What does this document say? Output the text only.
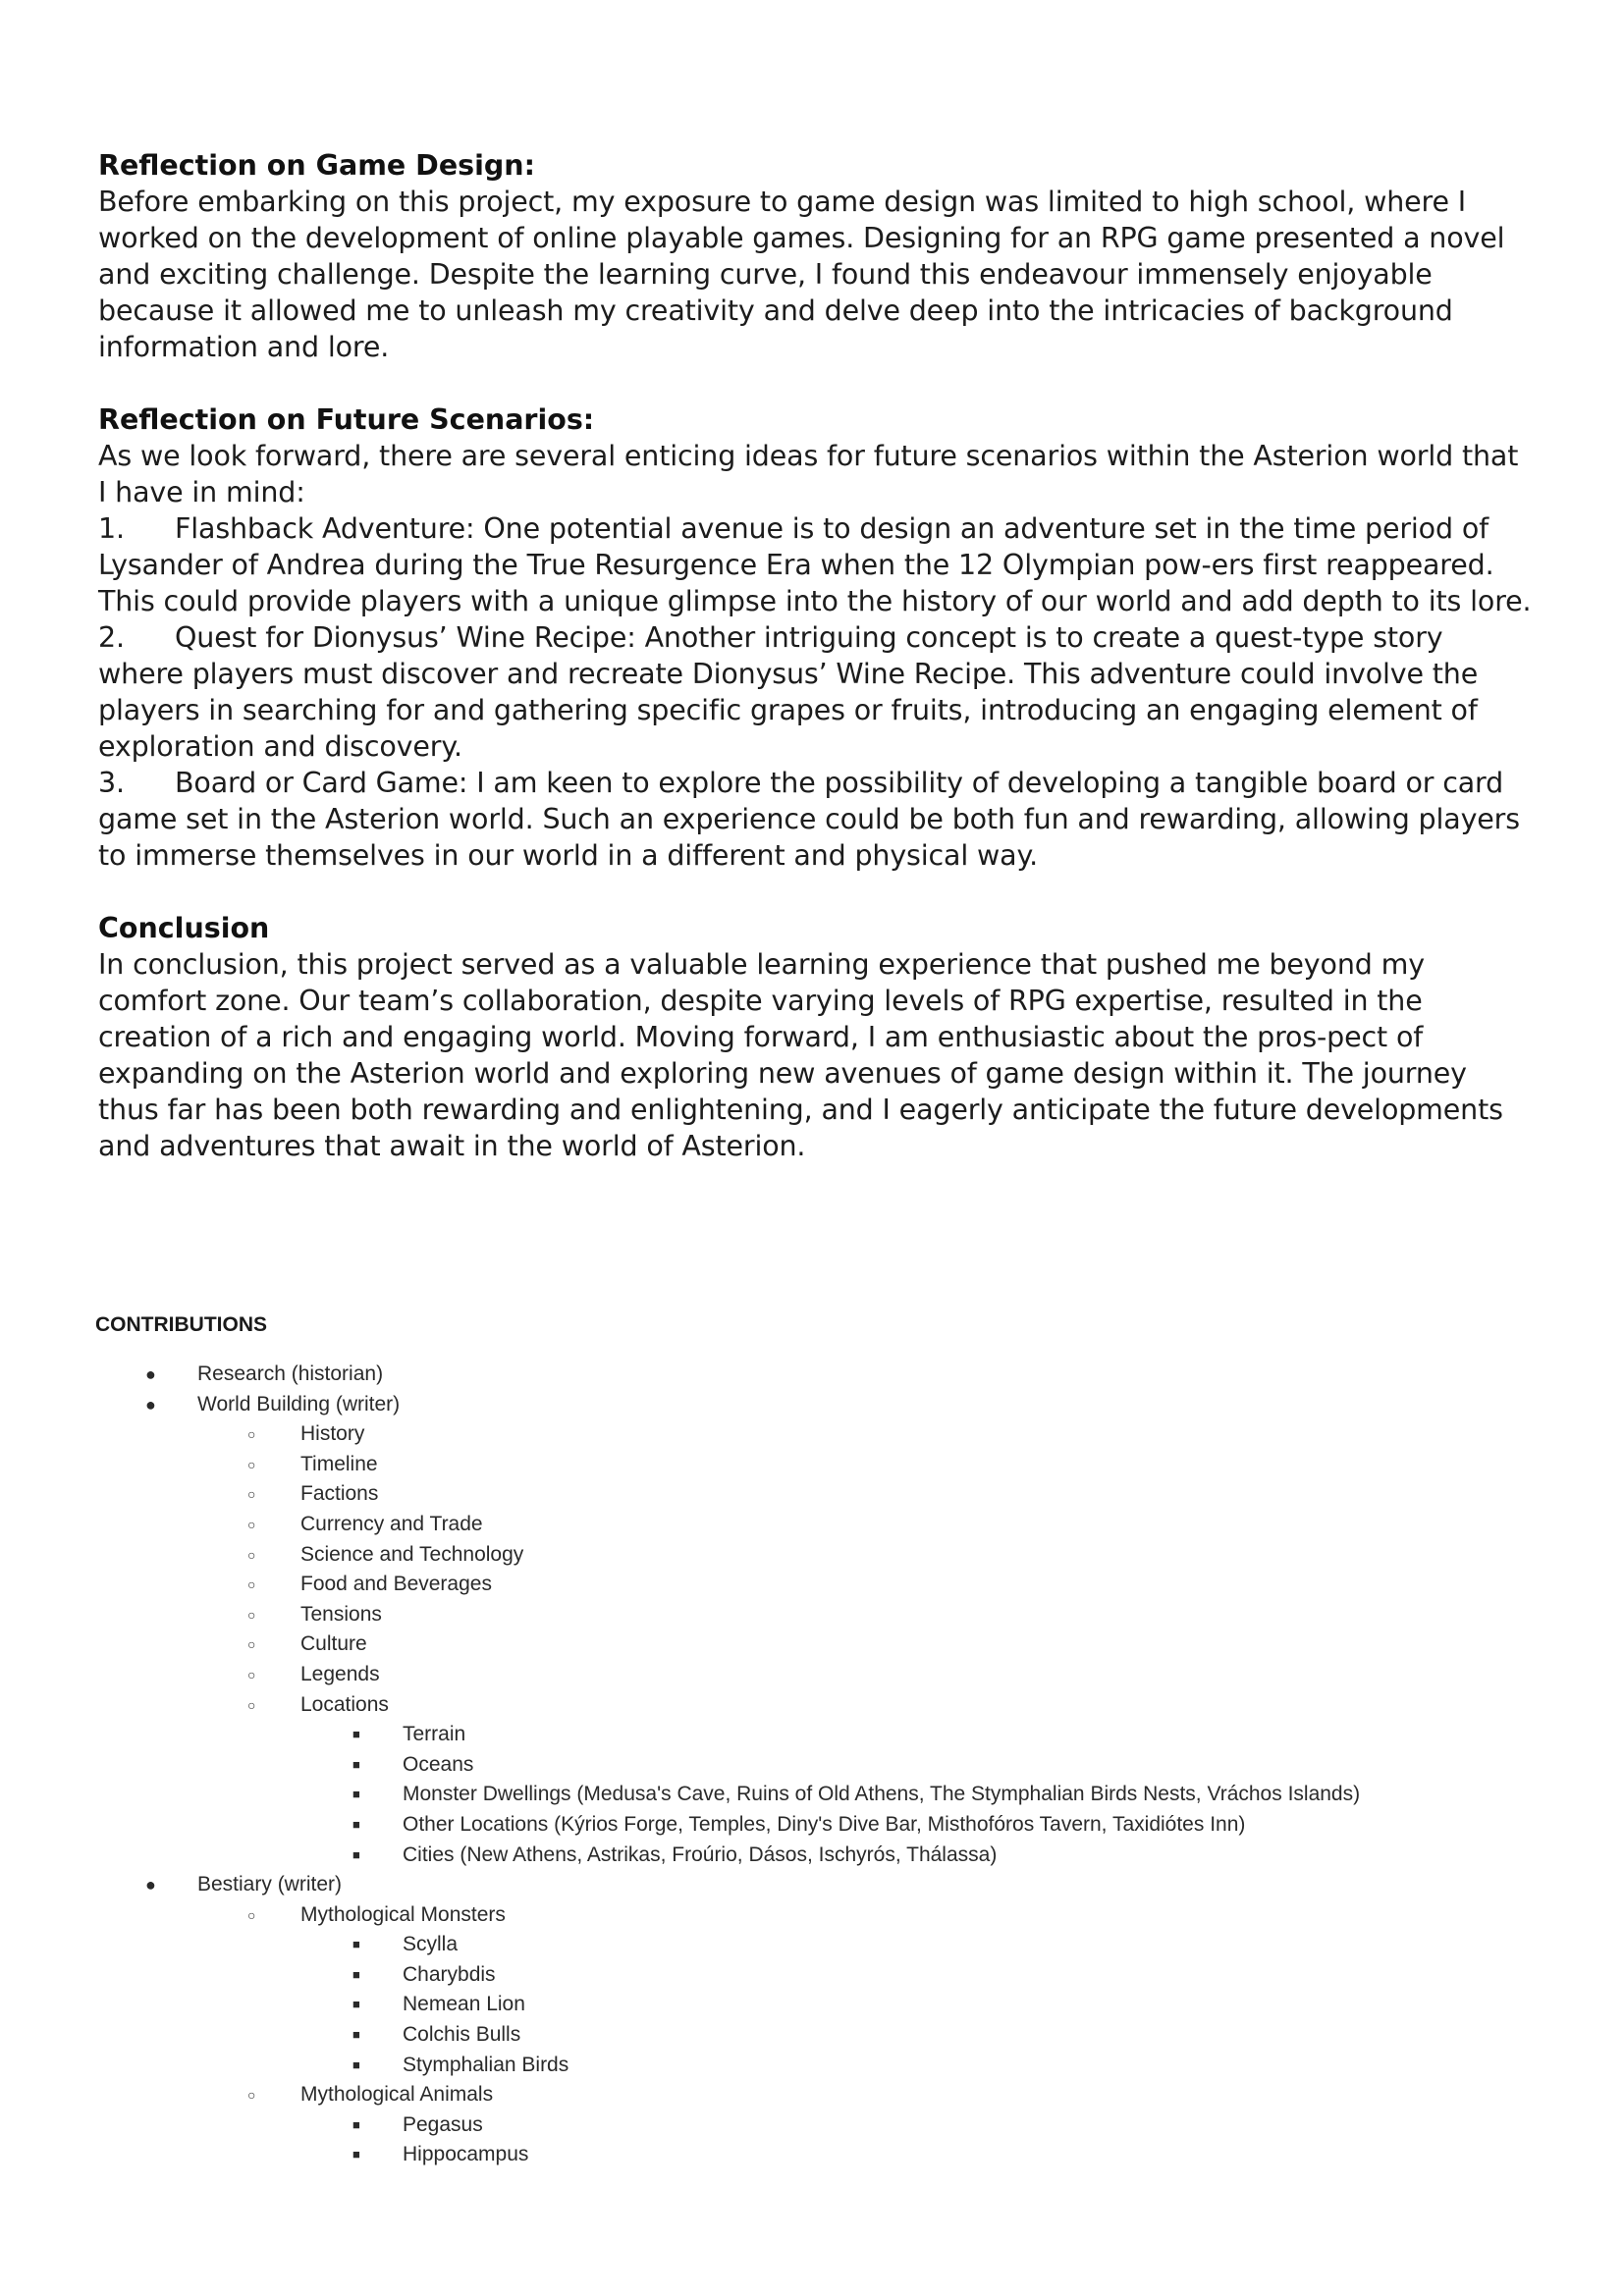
Reflection on Game Design:

Before embarking on this project, my exposure to game design was limited to high school, where I worked on the development of online playable games. Designing for an RPG game presented a novel and exciting challenge. Despite the learning curve, I found this endeavour immensely enjoyable because it allowed me to unleash my creativity and delve deep into the intricacies of background information and lore.

Reflection on Future Scenarios:

As we look forward, there are several enticing ideas for future scenarios within the Asterion world that I have in mind:

1. Flashback Adventure: One potential avenue is to design an adventure set in the time period of Lysander of Andrea during the True Resurgence Era when the 12 Olympian pow-ers first reappeared. This could provide players with a unique glimpse into the history of our world and add depth to its lore.
2. Quest for Dionysus’ Wine Recipe: Another intriguing concept is to create a quest-type story where players must discover and recreate Dionysus’ Wine Recipe. This adventure could involve the players in searching for and gathering specific grapes or fruits, introducing an engaging element of exploration and discovery.
3. Board or Card Game: I am keen to explore the possibility of developing a tangible board or card game set in the Asterion world. Such an experience could be both fun and rewarding, allowing players to immerse themselves in our world in a different and physical way.

Conclusion

In conclusion, this project served as a valuable learning experience that pushed me beyond my comfort zone. Our team’s collaboration, despite varying levels of RPG expertise, resulted in the creation of a rich and engaging world. Moving forward, I am enthusiastic about the pros-pect of expanding on the Asterion world and exploring new avenues of game design within it. The journey thus far has been both rewarding and enlightening, and I eagerly anticipate the future developments and adventures that await in the world of Asterion.

CONTRIBUTIONS

● Research (historian)
● World Building (writer)
○ History
○ Timeline
○ Factions
○ Currency and Trade
○ Science and Technology
○ Food and Beverages
○ Tensions
○ Culture
○ Legends
○ Locations
■ Terrain
■ Oceans
■ Monster Dwellings (Medusa's Cave, Ruins of Old Athens, The Stymphalian Birds Nests, Vráchos Islands)
■ Other Locations (Kýrios Forge, Temples, Diny's Dive Bar, Misthofóros Tavern, Taxidiótes Inn)
■ Cities (New Athens, Astrikas, Froúrio, Dásos, Ischyrós, Thálassa)
● Bestiary (writer)
○ Mythological Monsters
■ Scylla
■ Charybdis
■ Nemean Lion
■ Colchis Bulls
■ Stymphalian Birds
○ Mythological Animals
■ Pegasus
■ Hippocampus
